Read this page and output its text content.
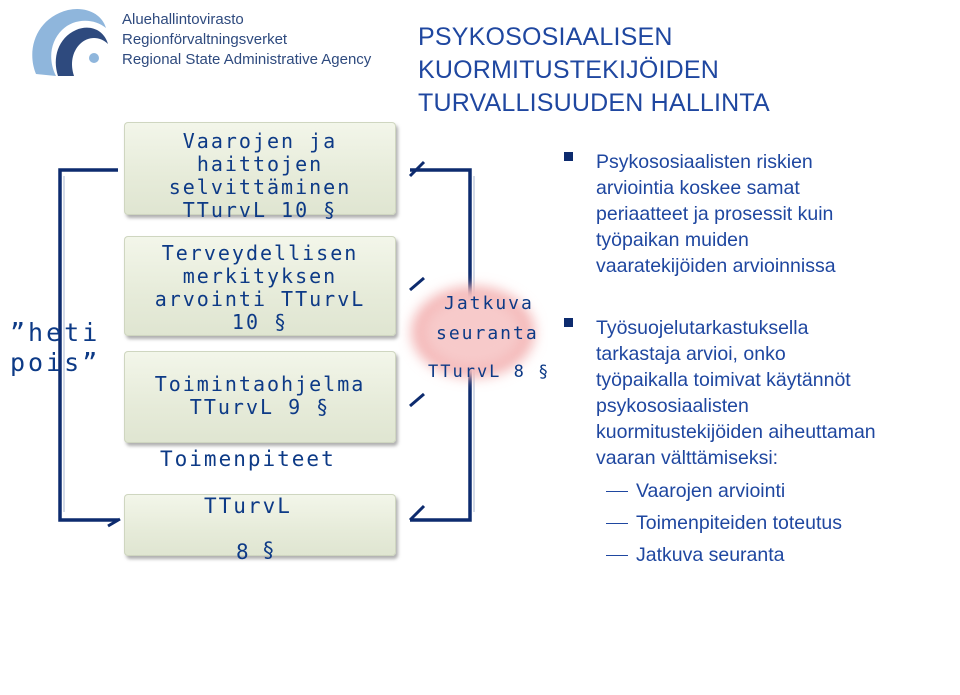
Aluehallintovirasto
Regionförvaltningsverket
Regional State Administrative Agency
PSYKOSOSIAALISEN
KUORMITUSTEKIJÖIDEN
TURVALLISUUDEN HALLINTA
Vaarojen ja
haittojen
selvittäminen
TTurvL 10 §
Terveydellisen
merkityksen
arvointi TTurvL
10 §
Toimintaohjelma
TTurvL 9 §
Toimenpiteet
TTurvL
8 §
”heti
pois”
Jatkuva
seuranta
TTurvL 8 §
Psykososiaalisten riskien
arviointia koskee samat
periaatteet ja prosessit kuin
työpaikan muiden
vaaratekijöiden arvioinnissa
Työsuojelutarkastuksella
tarkastaja arvioi, onko
työpaikalla toimivat käytännöt
psykososiaalisten
kuormitustekijöiden aiheuttaman
vaaran välttämiseksi:
Vaarojen arviointi
Toimenpiteiden toteutus
Jatkuva seuranta
